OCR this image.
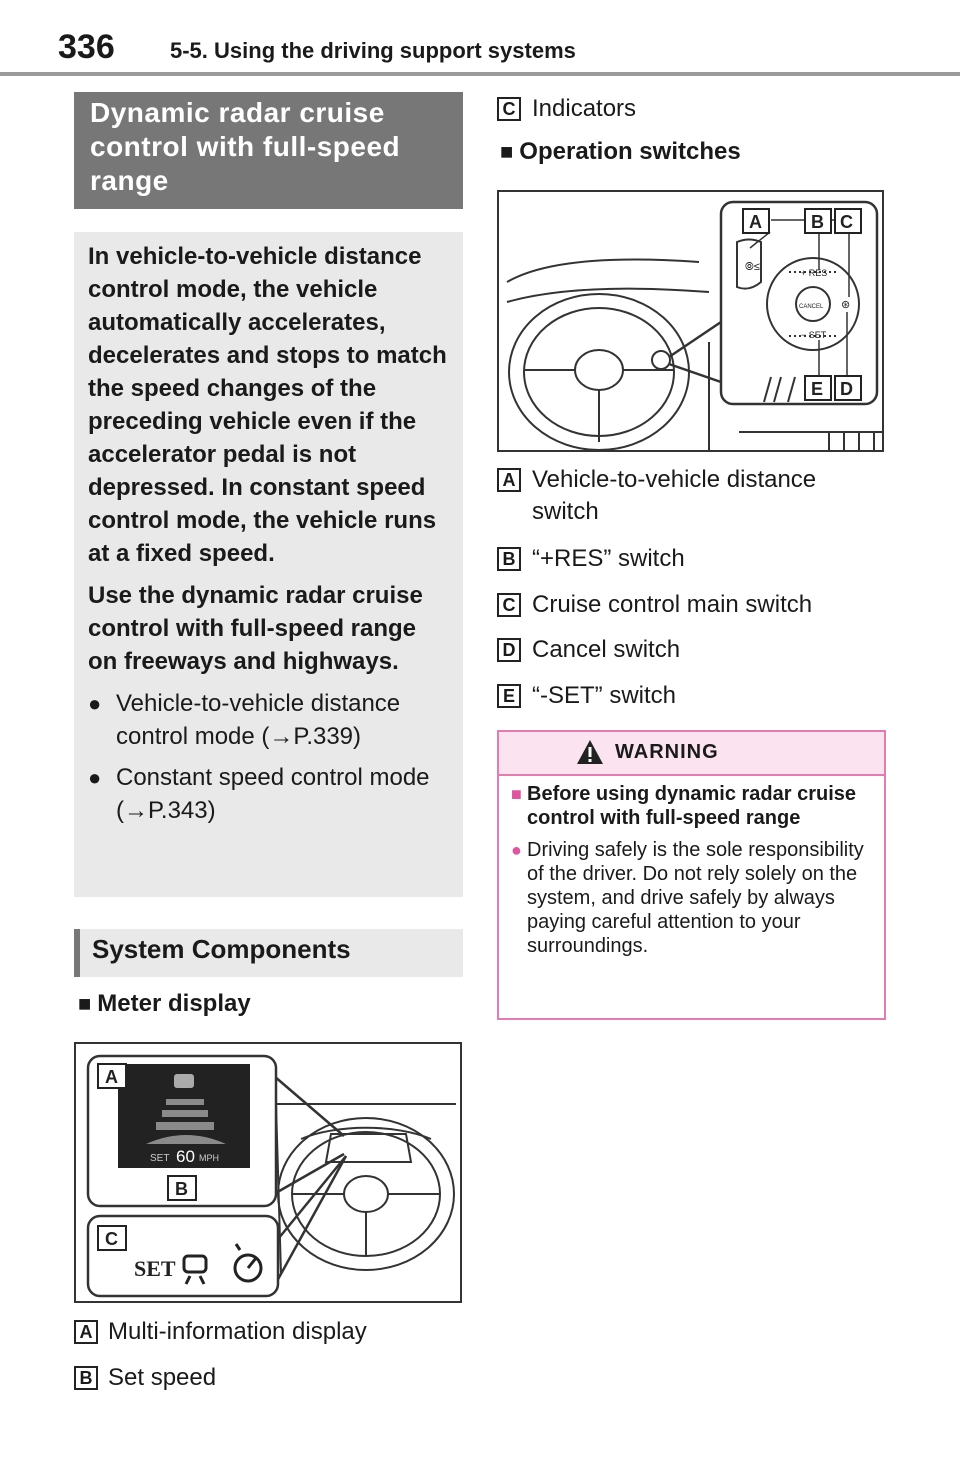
336	5-5. Using the driving support systems
Dynamic radar cruise control with full-speed range

In vehicle-to-vehicle distance control mode, the vehicle automatically accelerates, decelerates and stops to match the speed changes of the preceding vehicle even if the accelerator pedal is not depressed. In constant speed control mode, the vehicle runs at a fixed speed.

Use the dynamic radar cruise control with full-speed range on freeways and highways.

● Vehicle-to-vehicle distance control mode (→P.339)
● Constant speed control mode (→P.343)
System Components
■ Meter display
SET 60 MPH
SET
A
B
C
A Multi-information display
B Set speed
C Indicators
■ Operation switches
⦾≤	+ RES
CANCEL
− SET
⊛
A	B C
E D
A Vehicle-to-vehicle distance switch
B “+RES” switch
C Cruise control main switch
D Cancel switch
E “-SET” switch
WARNING
■ Before using dynamic radar cruise control with full-speed range
● Driving safely is the sole responsibility of the driver. Do not rely solely on the system, and drive safely by always paying careful attention to your surroundings.
